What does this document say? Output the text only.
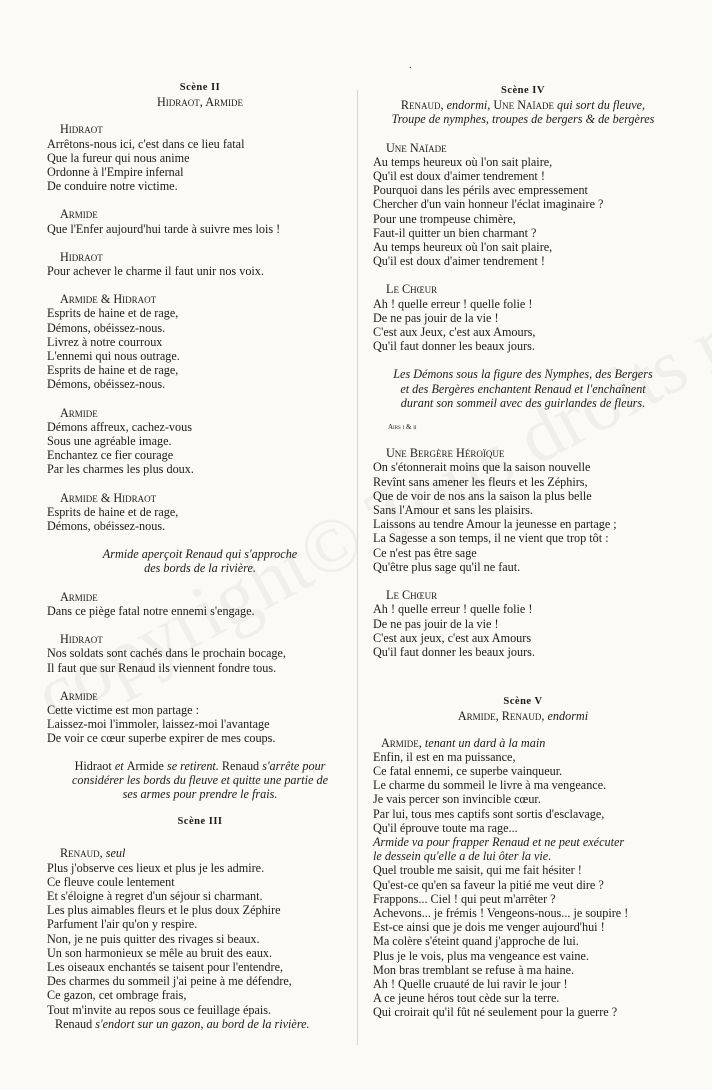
.
Scène II
Hidraot, Armide
Hidraot
Arrêtons-nous ici, c'est dans ce lieu fatal
Que la fureur qui nous anime
Ordonne à l'Empire infernal
De conduire notre victime.
Armide
Que l'Enfer aujourd'hui tarde à suivre mes lois !
Hidraot
Pour achever le charme il faut unir nos voix.
Armide & Hidraot
Esprits de haine et de rage,
Démons, obéissez-nous.
Livrez à notre courroux
L'ennemi qui nous outrage.
Esprits de haine et de rage,
Démons, obéissez-nous.
Armide
Démons affreux, cachez-vous
Sous une agréable image.
Enchantez ce fier courage
Par les charmes les plus doux.
Armide & Hidraot
Esprits de haine et de rage,
Démons, obéissez-nous.
Armide aperçoit Renaud qui s'approche
des bords de la rivière.
Armide
Dans ce piège fatal notre ennemi s'engage.
Hidraot
Nos soldats sont cachés dans le prochain bocage,
Il faut que sur Renaud ils viennent fondre tous.
Armide
Cette victime est mon partage :
Laissez-moi l'immoler, laissez-moi l'avantage
De voir ce cœur superbe expirer de mes coups.
Hidraot et Armide se retirent. Renaud s'arrête pour
considérer les bords du fleuve et quitte une partie de
ses armes pour prendre le frais.
Scène III
Renaud, seul
Plus j'observe ces lieux et plus je les admire.
Ce fleuve coule lentement
Et s'éloigne à regret d'un séjour si charmant.
Les plus aimables fleurs et le plus doux Zéphire
Parfument l'air qu'on y respire.
Non, je ne puis quitter des rivages si beaux.
Un son harmonieux se mêle au bruit des eaux.
Les oiseaux enchantés se taisent pour l'entendre,
Des charmes du sommeil j'ai peine à me défendre,
Ce gazon, cet ombrage frais,
Tout m'invite au repos sous ce feuillage épais.
Renaud s'endort sur un gazon, au bord de la rivière.
Scène IV
Renaud, endormi, Une Naïade qui sort du fleuve,
Troupe de nymphes, troupes de bergers & de bergères
Une Naïade
Au temps heureux où l'on sait plaire,
Qu'il est doux d'aimer tendrement !
Pourquoi dans les périls avec empressement
Chercher d'un vain honneur l'éclat imaginaire ?
Pour une trompeuse chimère,
Faut-il quitter un bien charmant ?
Au temps heureux où l'on sait plaire,
Qu'il est doux d'aimer tendrement !
Le Chœur
Ah ! quelle erreur ! quelle folie !
De ne pas jouir de la vie !
C'est aux Jeux, c'est aux Amours,
Qu'il faut donner les beaux jours.
Les Démons sous la figure des Nymphes, des Bergers
et des Bergères enchantent Renaud et l'enchaînent
durant son sommeil avec des guirlandes de fleurs.
Airs i & ii
Une Bergère Héroïque
On s'étonnerait moins que la saison nouvelle
Revînt sans amener les fleurs et les Zéphirs,
Que de voir de nos ans la saison la plus belle
Sans l'Amour et sans les plaisirs.
Laissons au tendre Amour la jeunesse en partage ;
La Sagesse a son temps, il ne vient que trop tôt :
Ce n'est pas être sage
Qu'être plus sage qu'il ne faut.
Le Chœur
Ah ! quelle erreur ! quelle folie !
De ne pas jouir de la vie !
C'est aux jeux, c'est aux Amours
Qu'il faut donner les beaux jours.
Scène V
Armide, Renaud, endormi
Armide, tenant un dard à la main
Enfin, il est en ma puissance,
Ce fatal ennemi, ce superbe vainqueur.
Le charme du sommeil le livre à ma vengeance.
Je vais percer son invincible cœur.
Par lui, tous mes captifs sont sortis d'esclavage,
Qu'il éprouve toute ma rage...
Armide va pour frapper Renaud et ne peut exécuter
le dessein qu'elle a de lui ôter la vie.
Quel trouble me saisit, qui me fait hésiter !
Qu'est-ce qu'en sa faveur la pitié me veut dire ?
Frappons... Ciel ! qui peut m'arrêter ?
Achevons... je frémis ! Vengeons-nous... je soupire !
Est-ce ainsi que je dois me venger aujourd'hui !
Ma colère s'éteint quand j'approche de lui.
Plus je le vois, plus ma vengeance est vaine.
Mon bras tremblant se refuse à ma haine.
Ah ! Quelle cruauté de lui ravir le jour !
A ce jeune héros tout cède sur la terre.
Qui croirait qu'il fût né seulement pour la guerre ?
